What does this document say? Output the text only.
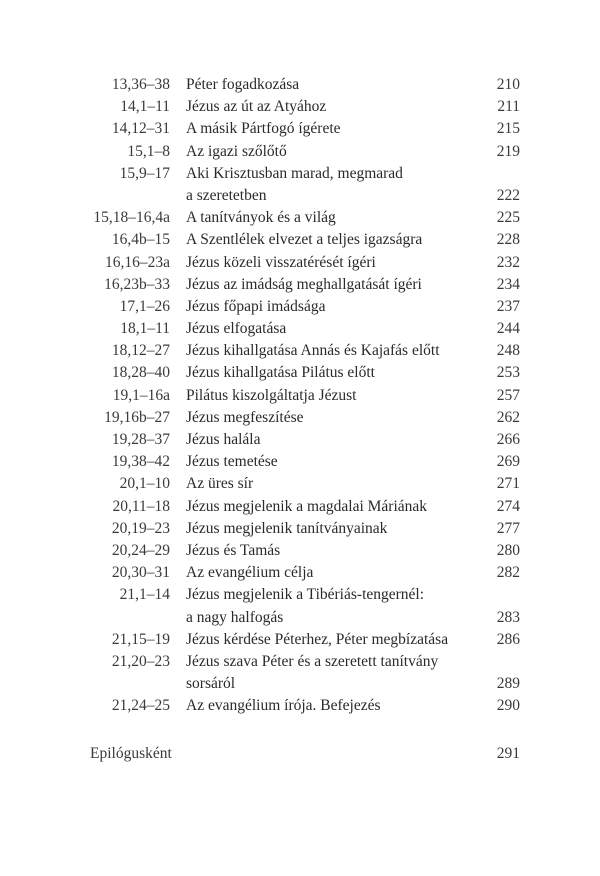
13,36–38 Péter fogadkozása	210
14,1–11 Jézus az út az Atyához	211
14,12–31 A másik Pártfogó ígérete	215
15,1–8 Az igazi szőlőtő	219
15,9–17 Aki Krisztusban marad, megmarad
a szeretetben	222
15,18–16,4a A tanítványok és a világ	225
16,4b–15 A Szentlélek elvezet a teljes igazságra	228
16,16–23a Jézus közeli visszatérését ígéri	232
16,23b–33 Jézus az imádság meghallgatását ígéri	234
17,1–26 Jézus főpapi imádsága	237
18,1–11 Jézus elfogatása	244
18,12–27 Jézus kihallgatása Annás és Kajafás előtt	248
18,28–40 Jézus kihallgatása Pilátus előtt	253
19,1–16a Pilátus kiszolgáltatja Jézust	257
19,16b–27 Jézus megfeszítése	262
19,28–37 Jézus halála	266
19,38–42 Jézus temetése	269
20,1–10 Az üres sír	271
20,11–18 Jézus megjelenik a magdalai Máriának	274
20,19–23 Jézus megjelenik tanítványainak	277
20,24–29 Jézus és Tamás	280
20,30–31 Az evangélium célja	282
21,1–14 Jézus megjelenik a Tibériás-tengernél:
a nagy halfogás	283
21,15–19 Jézus kérdése Péterhez, Péter megbízatása	286
21,20–23 Jézus szava Péter és a szeretett tanítvány
sorsáról	289
21,24–25 Az evangélium írója. Befejezés	290
Epilógusként	291
